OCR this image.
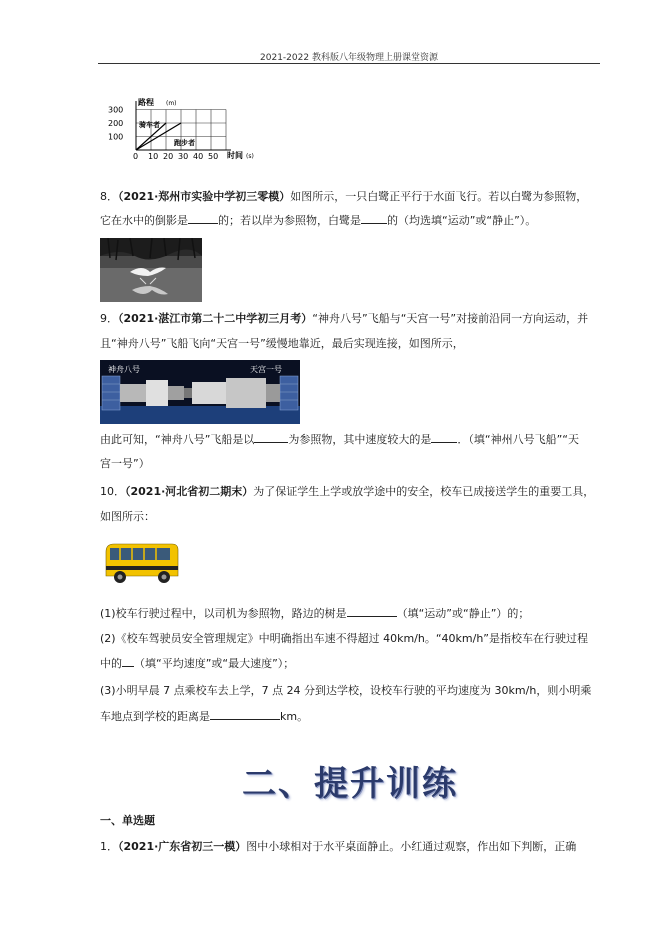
2021-2022 教科版八年级物理上册课堂资源
路程 (m)
时间 (s)
300
200
100
0 10 20 30 40 50
骑车者
跑步者
8．（2021·郑州市实验中学初三零模）如图所示，一只白鹭正平行于水面飞行。若以白鹭为参照物，
它在水中的倒影是	的；若以岸为参照物，白鹭是 的（均选填“运动”或“静止”）。
9．（2021·湛江市第二十二中学初三月考）“神舟八号”飞船与“天宫一号”对接前沿同一方向运动，并
且“神舟八号”飞船飞向“天宫一号”缓慢地靠近，最后实现连接，如图所示，
神舟八号	天宫一号
由此可知，“神舟八号”飞船是以	为参照物，其中速度较大的是 ．（填“神州八号飞船”“天
宫一号”）
10．（2021·河北省初二期末）为了保证学生上学或放学途中的安全，校车已成接送学生的重要工具，
如图所示：
(1)校车行驶过程中，以司机为参照物，路边的树是	（填“运动”或“静止”）的；
(2)《校车驾驶员安全管理规定》中明确指出车速不得超过 40km/h。“40km/h”是指校车在行驶过程
中的 （填“平均速度”或“最大速度”）；
(3)小明早晨 7 点乘校车去上学，7 点 24 分到达学校，设校车行驶的平均速度为 30km/h，则小明乘
车地点到学校的距离是	km。
二、提升训练
一、单选题
1．（2021·广东省初三一模）图中小球相对于水平桌面静止。小红通过观察，作出如下判断，正确
